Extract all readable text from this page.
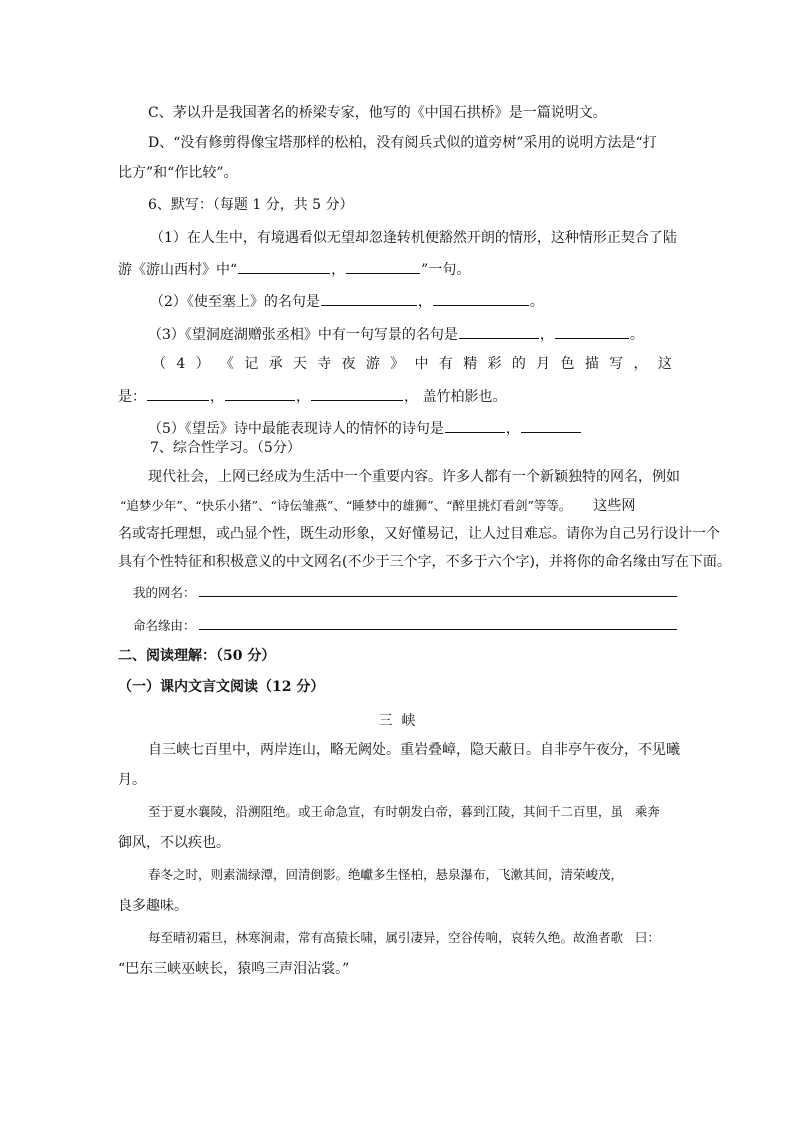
C、茅以升是我国著名的桥梁专家，他写的《中国石拱桥》是一篇说明文。
D、“没有修剪得像宝塔那样的松柏，没有阅兵式似的道旁树”采用的说明方法是“打
比方”和“作比较”。
6、默写：（每题 1 分，共 5 分）
（1）在人生中，有境遇看似无望却忽逢转机便豁然开朗的情形，这种情形正契合了陆
游《游山西村》中“	，	”一句。
（2）《使至塞上》的名句是	，	。
（3）《望洞庭湖赠张丞相》中有一句写景的名句是	，	。
（ 4 ） 《 记 承 天 寺 夜 游 》 中 有 精 彩 的 月 色 描 写 ， 这
是：	，	，	， 盖竹柏影也。
（5）《望岳》诗中最能表现诗人的情怀的诗句是	，
7、综合性学习。（5分）
现代社会，上网已经成为生活中一个重要内容。许多人都有一个新颖独特的网名，例如
“追梦少年”、“快乐小猪”、“诗伝雏燕”、“睡梦中的雄狮”、“醉里挑灯看剑”等等。 这些网
名或寄托理想，或凸显个性，既生动形象，又好懂易记，让人过目难忘。请你为自己另行设计一个
具有个性特征和积极意义的中文网名(不少于三个字，不多于六个字)，并将你的命名缘由写在下面。
我的网名：
命名缘由：
二、阅读理解：（50 分）
（一）课内文言文阅读（12 分）
三  峡
自三峡七百里中，两岸连山，略无阙处。重岩叠嶂，隐天蔽日。自非亭午夜分，不见曦
月。
至于夏水襄陵，沿溯阻绝。或王命急宣，有时朝发白帝，暮到江陵，其间千二百里，虽   乘奔
御风，不以疾也。
春冬之时，则素湍绿潭，回清倒影。绝巘多生怪柏，悬泉瀑布，飞漱其间，清荣峻茂，
良多趣味。
每至晴初霜旦，林寒涧肃，常有高猿长啸，属引凄异，空谷传响，哀转久绝。故渔者歌   曰：
“巴东三峡巫峡长，猿鸣三声泪沾裳。”
